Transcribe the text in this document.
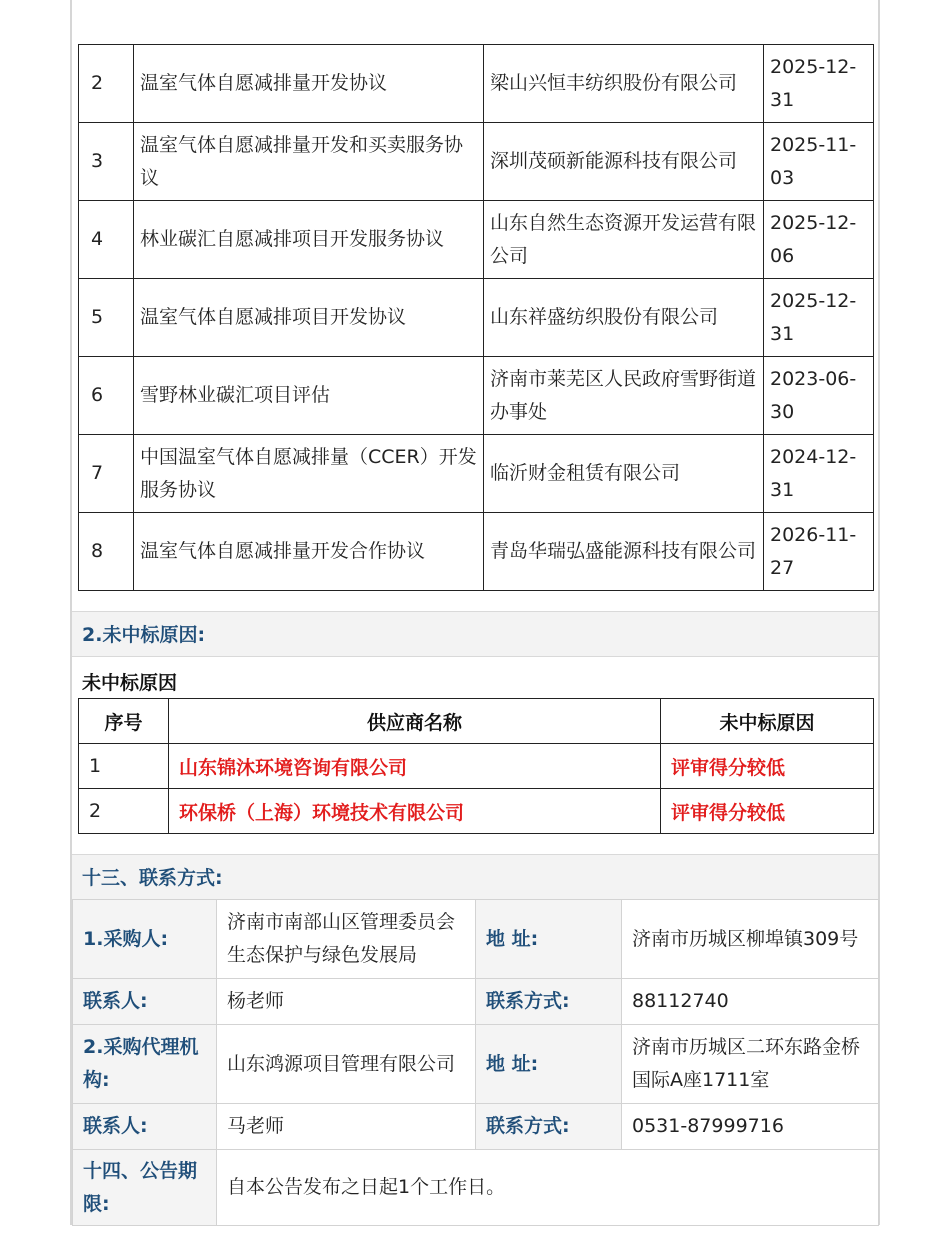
2	温室气体自愿减排量开发协议	梁山兴恒丰纺织股份有限公司	2025-12-31
3	温室气体自愿减排量开发和买卖服务协议	深圳茂硕新能源科技有限公司	2025-11-03
4	林业碳汇自愿减排项目开发服务协议	山东自然生态资源开发运营有限公司	2025-12-06
5	温室气体自愿减排项目开发协议	山东祥盛纺织股份有限公司	2025-12-31
6	雪野林业碳汇项目评估	济南市莱芜区人民政府雪野街道办事处	2023-06-30
7	中国温室气体自愿减排量（CCER）开发服务协议	临沂财金租赁有限公司	2024-12-31
8	温室气体自愿减排量开发合作协议	青岛华瑞弘盛能源科技有限公司	2026-11-27
2.未中标原因:
未中标原因
序号	供应商名称	未中标原因
1	山东锦沐环境咨询有限公司	评审得分较低
2	环保桥（上海）环境技术有限公司	评审得分较低
十三、联系方式:
1.采购人:	济南市南部山区管理委员会生态保护与绿色发展局	地 址:	济南市历城区柳埠镇309号
联系人:	杨老师	联系方式:	88112740
2.采购代理机构:	山东鸿源项目管理有限公司	地 址:	济南市历城区二环东路金桥国际A座1711室
联系人:	马老师	联系方式:	0531-87999716
十四、公告期限:	自本公告发布之日起1个工作日。		
